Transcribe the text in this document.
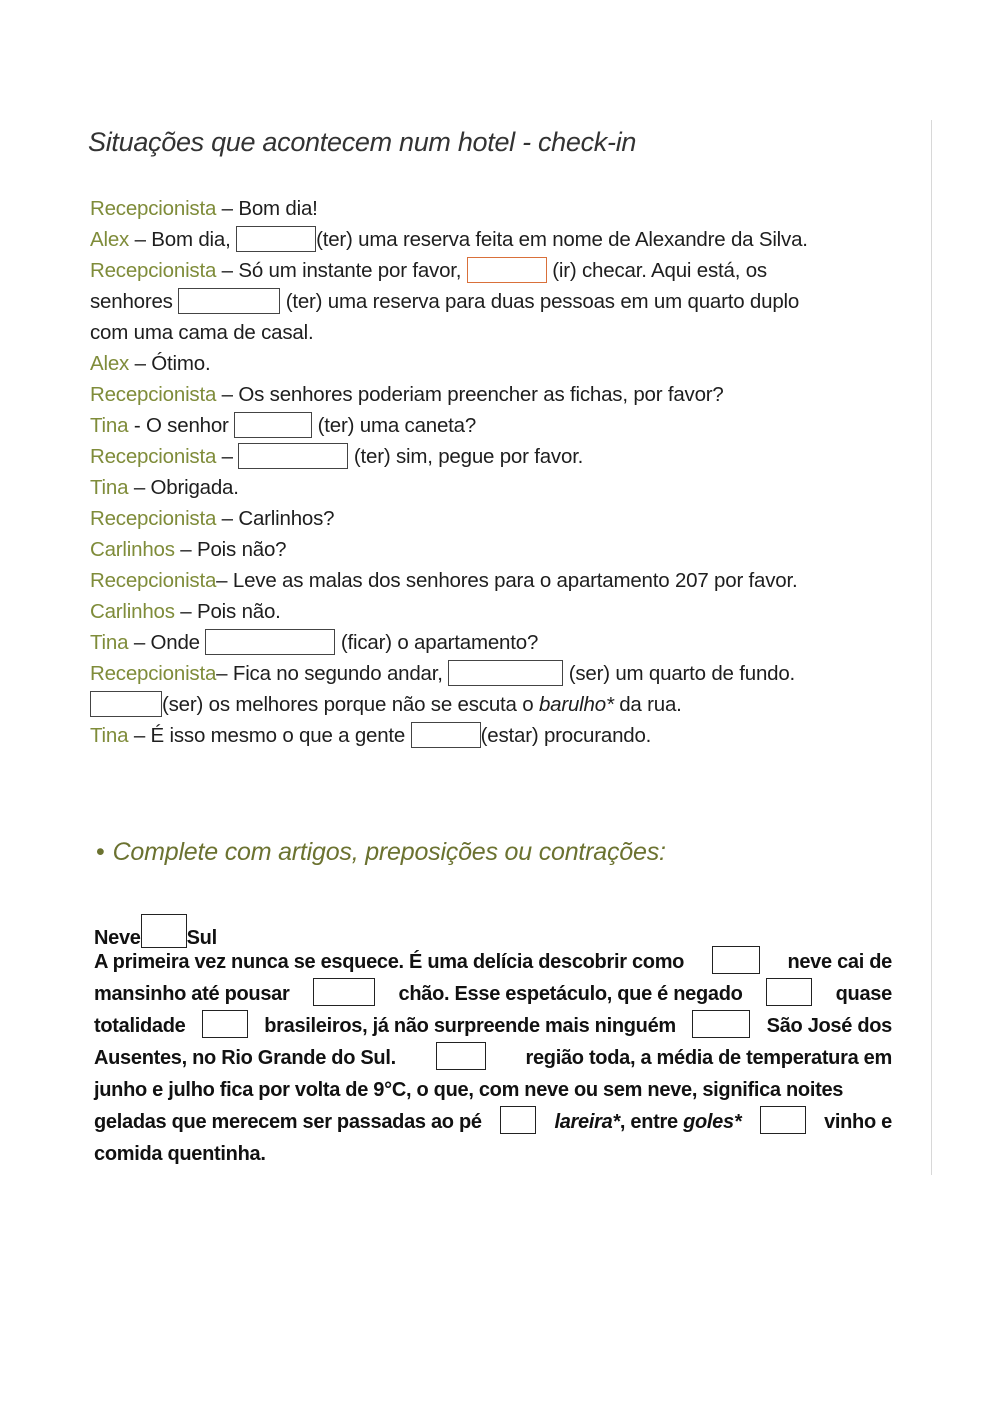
Situações que acontecem num hotel - check-in
Recepcionista – Bom dia!
Alex – Bom dia,	(ter) uma reserva feita em nome de Alexandre da Silva.
Recepcionista – Só um instante por favor,	(ir) checar. Aqui está, os
senhores	(ter) uma reserva para duas pessoas em um quarto duplo
com uma cama de casal.
Alex – Ótimo.
Recepcionista – Os senhores poderiam preencher as fichas, por favor?
Tina - O senhor	(ter) uma caneta?
Recepcionista –	(ter) sim, pegue por favor.
Tina – Obrigada.
Recepcionista – Carlinhos?
Carlinhos – Pois não?
Recepcionista– Leve as malas dos senhores para o apartamento 207 por favor.
Carlinhos – Pois não.
Tina – Onde	(ficar) o apartamento?
Recepcionista– Fica no segundo andar,	(ser) um quarto de fundo.
(ser) os melhores porque não se escuta o barulho* da rua.
Tina – É isso mesmo o que a gente	(estar) procurando.
• Complete com artigos, preposições ou contrações:
Neve Sul
A primeira vez nunca se esquece. É uma delícia descobrir como	neve cai de
mansinho até pousar	chão. Esse espetáculo, que é negado	quase
totalidade	brasileiros, já não surpreende mais ninguém	São José dos
Ausentes, no Rio Grande do Sul.	região toda, a média de temperatura em
junho e julho fica por volta de 9°C, o que, com neve ou sem neve, significa noites
geladas que merecem ser passadas ao pé	lareira*, entre goles*	vinho e
comida quentinha.
